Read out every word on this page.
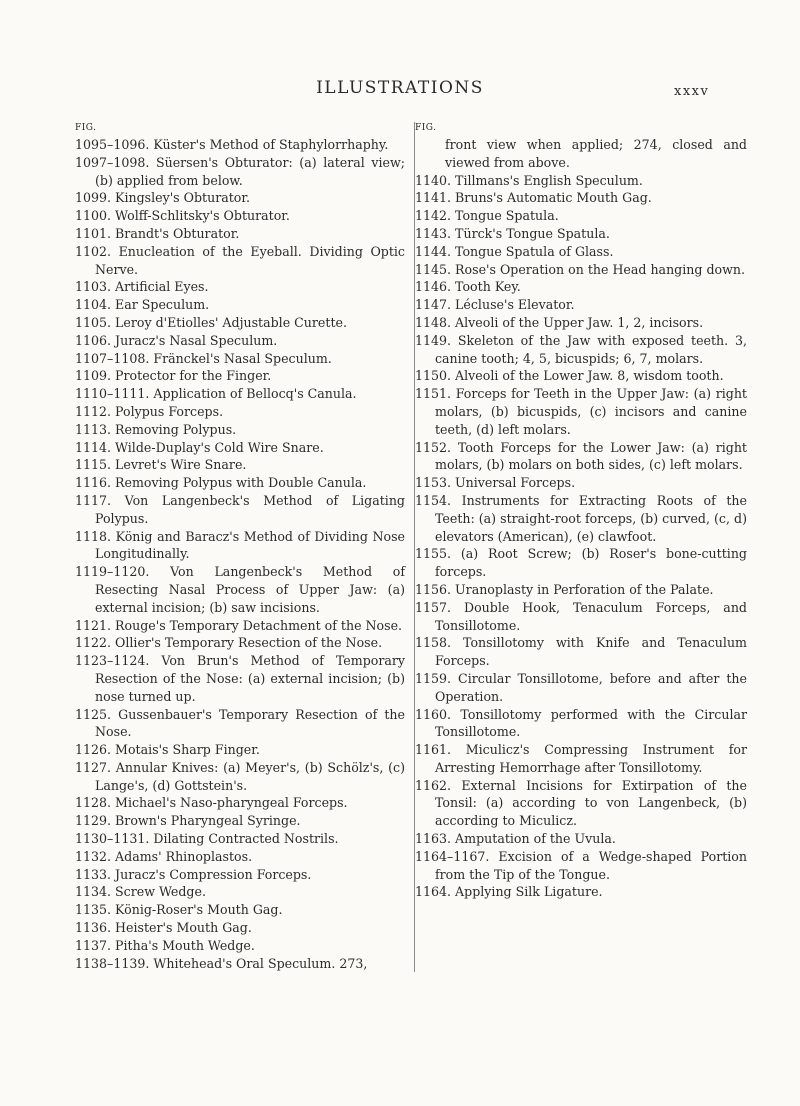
ILLUSTRATIONS	xxxv
FIG.

1095–1096. Küster's Method of Staphylorrhaphy.

1097–1098. Süersen's Obturator: (a) lateral view; (b) applied from below.

1099. Kingsley's Obturator.

1100. Wolff-Schlitsky's Obturator.

1101. Brandt's Obturator.

1102. Enucleation of the Eyeball. Dividing Optic Nerve.

1103. Artificial Eyes.

1104. Ear Speculum.

1105. Leroy d'Etiolles' Adjustable Curette.

1106. Juracz's Nasal Speculum.

1107–1108. Fränckel's Nasal Speculum.

1109. Protector for the Finger.

1110–1111. Application of Bellocq's Canula.

1112. Polypus Forceps.

1113. Removing Polypus.

1114. Wilde-Duplay's Cold Wire Snare.

1115. Levret's Wire Snare.

1116. Removing Polypus with Double Canula.

1117. Von Langenbeck's Method of Ligating Polypus.

1118. König and Baracz's Method of Dividing Nose Longitudinally.

1119–1120. Von Langenbeck's Method of Resecting Nasal Process of Upper Jaw: (a) external incision; (b) saw incisions.

1121. Rouge's Temporary Detachment of the Nose.

1122. Ollier's Temporary Resection of the Nose.

1123–1124. Von Brun's Method of Temporary Resection of the Nose: (a) external incision; (b) nose turned up.

1125. Gussenbauer's Temporary Resection of the Nose.

1126. Motais's Sharp Finger.

1127. Annular Knives: (a) Meyer's, (b) Schölz's, (c) Lange's, (d) Gottstein's.

1128. Michael's Naso-pharyngeal Forceps.

1129. Brown's Pharyngeal Syringe.

1130–1131. Dilating Contracted Nostrils.

1132. Adams' Rhinoplastos.

1133. Juracz's Compression Forceps.

1134. Screw Wedge.

1135. König-Roser's Mouth Gag.

1136. Heister's Mouth Gag.

1137. Pitha's Mouth Wedge.

1138–1139. Whitehead's Oral Speculum. 273,

FIG.

front view when applied; 274, closed and viewed from above.

1140. Tillmans's English Speculum.

1141. Bruns's Automatic Mouth Gag.

1142. Tongue Spatula.

1143. Türck's Tongue Spatula.

1144. Tongue Spatula of Glass.

1145. Rose's Operation on the Head hanging down.

1146. Tooth Key.

1147. Lécluse's Elevator.

1148. Alveoli of the Upper Jaw. 1, 2, incisors.

1149. Skeleton of the Jaw with exposed teeth. 3, canine tooth; 4, 5, bicuspids; 6, 7, molars.

1150. Alveoli of the Lower Jaw. 8, wisdom tooth.

1151. Forceps for Teeth in the Upper Jaw: (a) right molars, (b) bicuspids, (c) incisors and canine teeth, (d) left molars.

1152. Tooth Forceps for the Lower Jaw: (a) right molars, (b) molars on both sides, (c) left molars.

1153. Universal Forceps.

1154. Instruments for Extracting Roots of the Teeth: (a) straight-root forceps, (b) curved, (c, d) elevators (American), (e) clawfoot.

1155. (a) Root Screw; (b) Roser's bone-cutting forceps.

1156. Uranoplasty in Perforation of the Palate.

1157. Double Hook, Tenaculum Forceps, and Tonsillotome.

1158. Tonsillotomy with Knife and Tenaculum Forceps.

1159. Circular Tonsillotome, before and after the Operation.

1160. Tonsillotomy performed with the Circular Tonsillotome.

1161. Miculicz's Compressing Instrument for Arresting Hemorrhage after Tonsillotomy.

1162. External Incisions for Extirpation of the Tonsil: (a) according to von Langenbeck, (b) according to Miculicz.

1163. Amputation of the Uvula.

1164–1167. Excision of a Wedge-shaped Portion from the Tip of the Tongue.

1164. Applying Silk Ligature.
